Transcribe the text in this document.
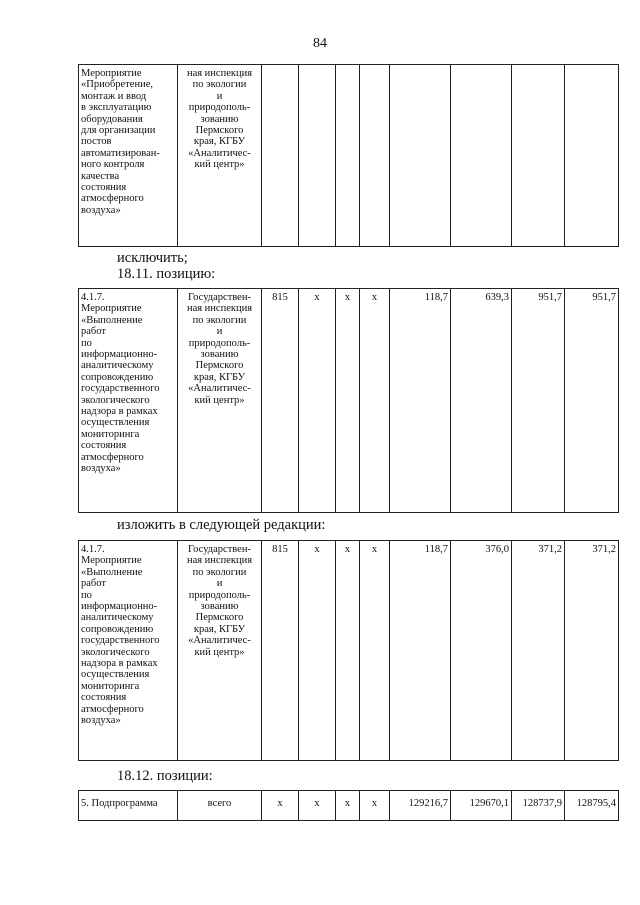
84
Мероприятие
«Приобретение,
монтаж и ввод
в эксплуатацию
оборудования
для организации
постов
автоматизирован-
ного контроля
качества
состояния
атмосферного
воздуха»	ная инспекция
по экологии
и
природополь-
зованию
Пермского
края, КГБУ
«Аналитичес-
кий центр»								
исключить;
18.11. позицию:
4.1.7.
Мероприятие
«Выполнение
работ
по
информационно-
аналитическому
сопровождению
государственного
экологического
надзора в рамках
осуществления
мониторинга
состояния
атмосферного
воздуха»	Государствен-
ная инспекция
по экологии
и
природополь-
зованию
Пермского
края, КГБУ
«Аналитичес-
кий центр»	815	x	x	x	118,7	639,3	951,7	951,7
изложить в следующей редакции:
4.1.7.
Мероприятие
«Выполнение
работ
по
информационно-
аналитическому
сопровождению
государственного
экологического
надзора в рамках
осуществления
мониторинга
состояния
атмосферного
воздуха»	Государствен-
ная инспекция
по экологии
и
природополь-
зованию
Пермского
края, КГБУ
«Аналитичес-
кий центр»	815	x	x	x	118,7	376,0	371,2	371,2
18.12. позиции:
5. Подпрограмма	всего	x	x	x	x	129216,7	129670,1	128737,9	128795,4
